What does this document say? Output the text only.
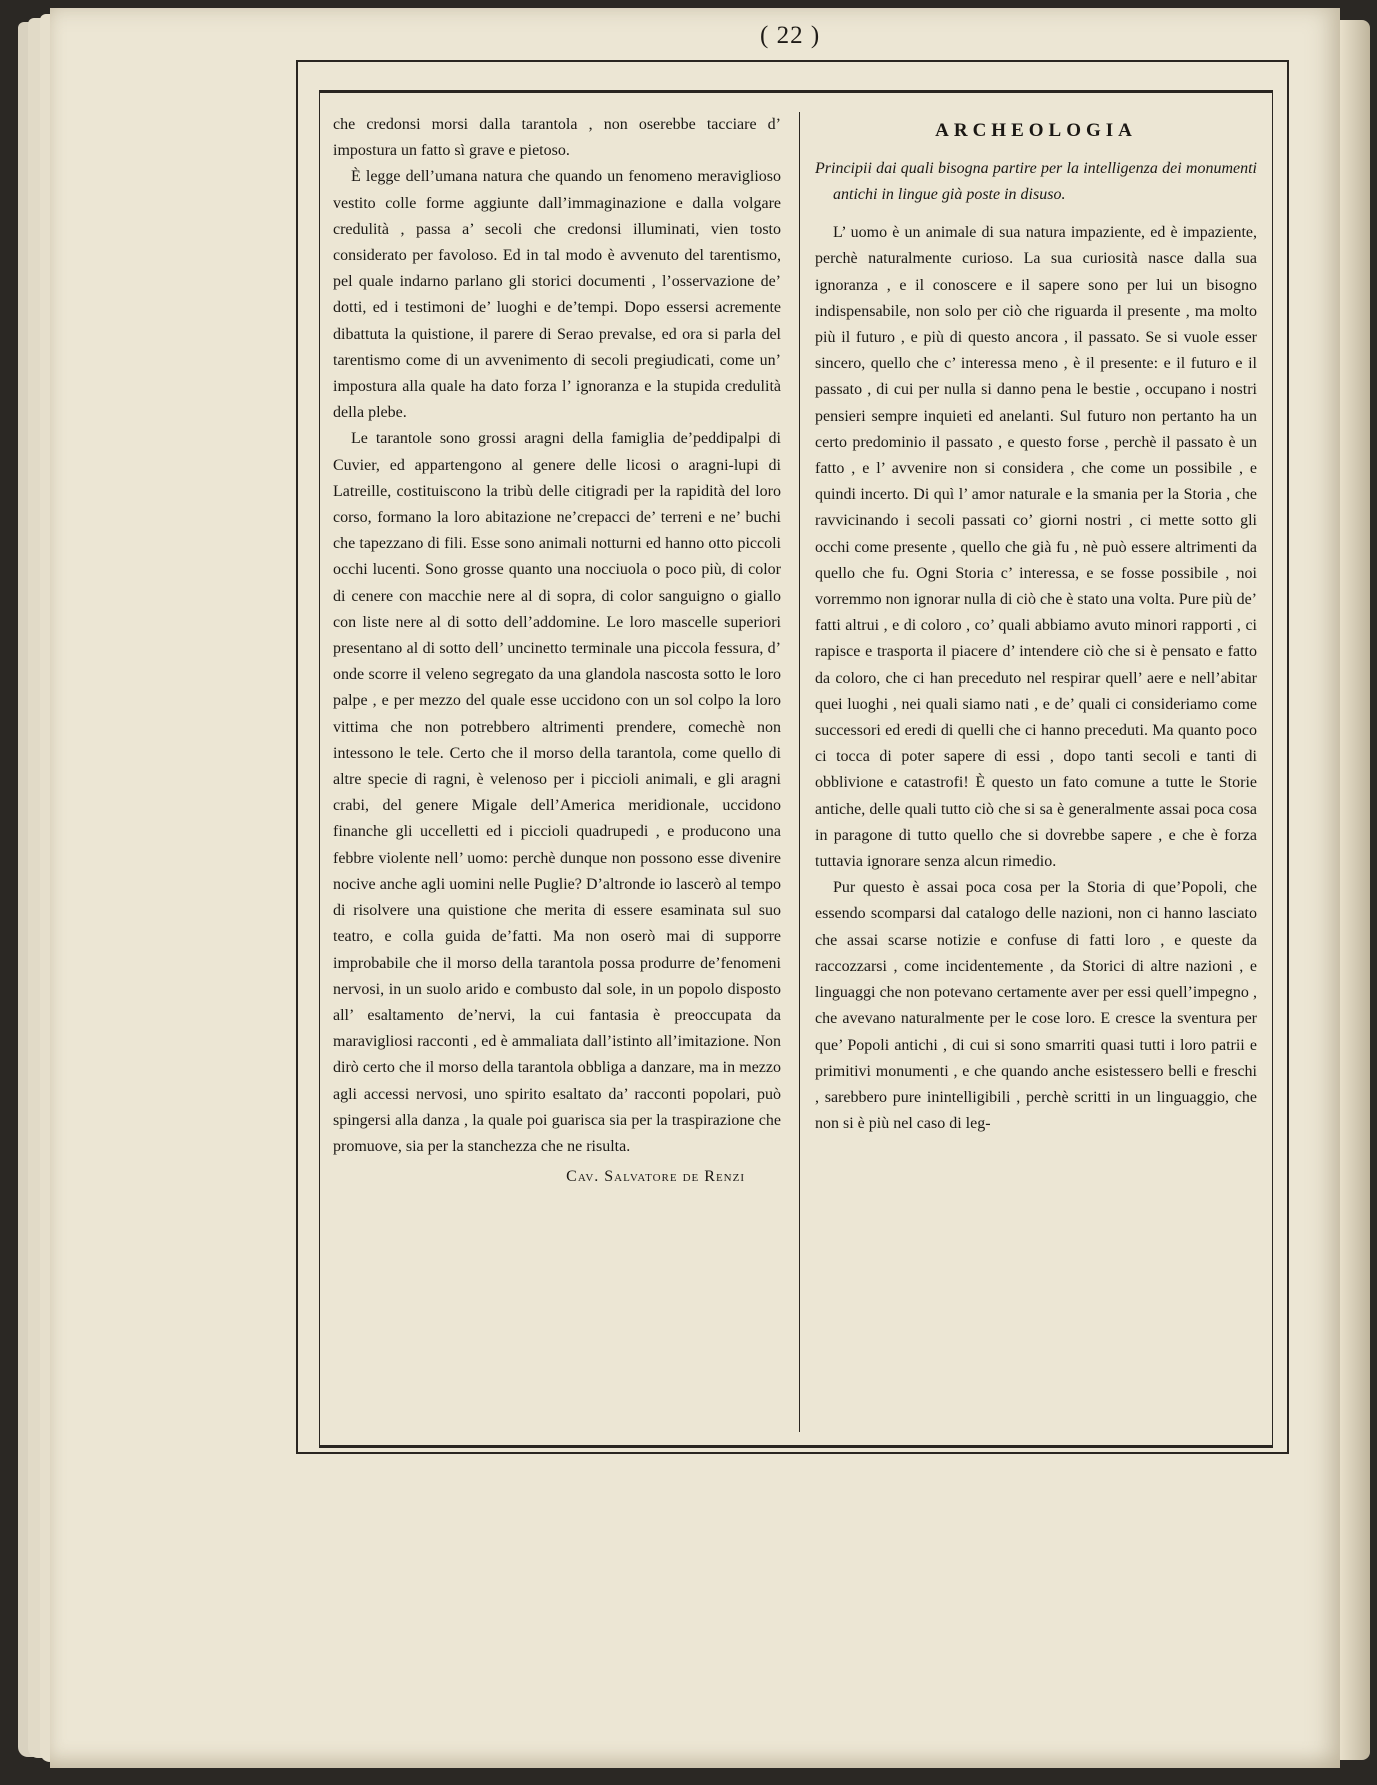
( 22 )

che credonsi morsi dalla tarantola , non oserebbe tacciare d’ impostura un fatto sì grave e pietoso.

È legge dell’umana natura che quando un fenomeno meraviglioso vestito colle forme aggiunte dall’immaginazione e dalla volgare credulità , passa a’ secoli che credonsi illuminati, vien tosto considerato per favoloso. Ed in tal modo è avvenuto del tarentismo, pel quale indarno parlano gli storici documenti , l’osservazione de’ dotti, ed i testimoni de’ luoghi e de’tempi. Dopo essersi acremente dibattuta la quistione, il parere di Serao prevalse, ed ora si parla del tarentismo come di un avvenimento di secoli pregiudicati, come un’ impostura alla quale ha dato forza l’ ignoranza e la stupida credulità della plebe.

Le tarantole sono grossi aragni della famiglia de’peddipalpi di Cuvier, ed appartengono al genere delle licosi o aragni-lupi di Latreille, costituiscono la tribù delle citigradi per la rapidità del loro corso, formano la loro abitazione ne’crepacci de’ terreni e ne’ buchi che tapezzano di fili. Esse sono animali notturni ed hanno otto piccoli occhi lucenti. Sono grosse quanto una nocciuola o poco più, di color di cenere con macchie nere al di sopra, di color sanguigno o giallo con liste nere al di sotto dell’addomine. Le loro mascelle superiori presentano al di sotto dell’ uncinetto terminale una piccola fessura, d’ onde scorre il veleno segregato da una glandola nascosta sotto le loro palpe , e per mezzo del quale esse uccidono con un sol colpo la loro vittima che non potrebbero altrimenti prendere, comechè non intessono le tele. Certo che il morso della tarantola, come quello di altre specie di ragni, è velenoso per i piccioli animali, e gli aragni crabi, del genere Migale dell’America meridionale, uccidono finanche gli uccelletti ed i piccioli quadrupedi , e producono una febbre violente nell’ uomo: perchè dunque non possono esse divenire nocive anche agli uomini nelle Puglie? D’altronde io lascerò al tempo di risolvere una quistione che merita di essere esaminata sul suo teatro, e colla guida de’fatti. Ma non oserò mai di supporre improbabile che il morso della tarantola possa produrre de’fenomeni nervosi, in un suolo arido e combusto dal sole, in un popolo disposto all’ esaltamento de’nervi, la cui fantasia è preoccupata da maravigliosi racconti , ed è ammaliata dall’istinto all’imitazione. Non dirò certo che il morso della tarantola obbliga a danzare, ma in mezzo agli accessi nervosi, uno spirito esaltato da’ racconti popolari, può spingersi alla danza , la quale poi guarisca sia per la traspirazione che promuove, sia per la stanchezza che ne risulta.

Cav. Salvatore de Renzi

ARCHEOLOGIA

Principii dai quali bisogna partire per la intelligenza dei monumenti antichi in lingue già poste in disuso.

L’ uomo è un animale di sua natura impaziente, ed è impaziente, perchè naturalmente curioso. La sua curiosità nasce dalla sua ignoranza , e il conoscere e il sapere sono per lui un bisogno indispensabile, non solo per ciò che riguarda il presente , ma molto più il futuro , e più di questo ancora , il passato. Se si vuole esser sincero, quello che c’ interessa meno , è il presente: e il futuro e il passato , di cui per nulla si danno pena le bestie , occupano i nostri pensieri sempre inquieti ed anelanti. Sul futuro non pertanto ha un certo predominio il passato , e questo forse , perchè il passato è un fatto , e l’ avvenire non si considera , che come un possibile , e quindi incerto. Di quì l’ amor naturale e la smania per la Storia , che ravvicinando i secoli passati co’ giorni nostri , ci mette sotto gli occhi come presente , quello che già fu , nè può essere altrimenti da quello che fu. Ogni Storia c’ interessa, e se fosse possibile , noi vorremmo non ignorar nulla di ciò che è stato una volta. Pure più de’ fatti altrui , e di coloro , co’ quali abbiamo avuto minori rapporti , ci rapisce e trasporta il piacere d’ intendere ciò che si è pensato e fatto da coloro, che ci han preceduto nel respirar quell’ aere e nell’abitar quei luoghi , nei quali siamo nati , e de’ quali ci consideriamo come successori ed eredi di quelli che ci hanno preceduti. Ma quanto poco ci tocca di poter sapere di essi , dopo tanti secoli e tanti di obblivione e catastrofi! È questo un fato comune a tutte le Storie antiche, delle quali tutto ciò che si sa è generalmente assai poca cosa in paragone di tutto quello che si dovrebbe sapere , e che è forza tuttavia ignorare senza alcun rimedio.

Pur questo è assai poca cosa per la Storia di que’Popoli, che essendo scomparsi dal catalogo delle nazioni, non ci hanno lasciato che assai scarse notizie e confuse di fatti loro , e queste da raccozzarsi , come incidentemente , da Storici di altre nazioni , e linguaggi che non potevano certamente aver per essi quell’impegno , che avevano naturalmente per le cose loro. E cresce la sventura per que’ Popoli antichi , di cui si sono smarriti quasi tutti i loro patrii e primitivi monumenti , e che quando anche esistessero belli e freschi , sarebbero pure inintelligibili , perchè scritti in un linguaggio, che non si è più nel caso di leg-
